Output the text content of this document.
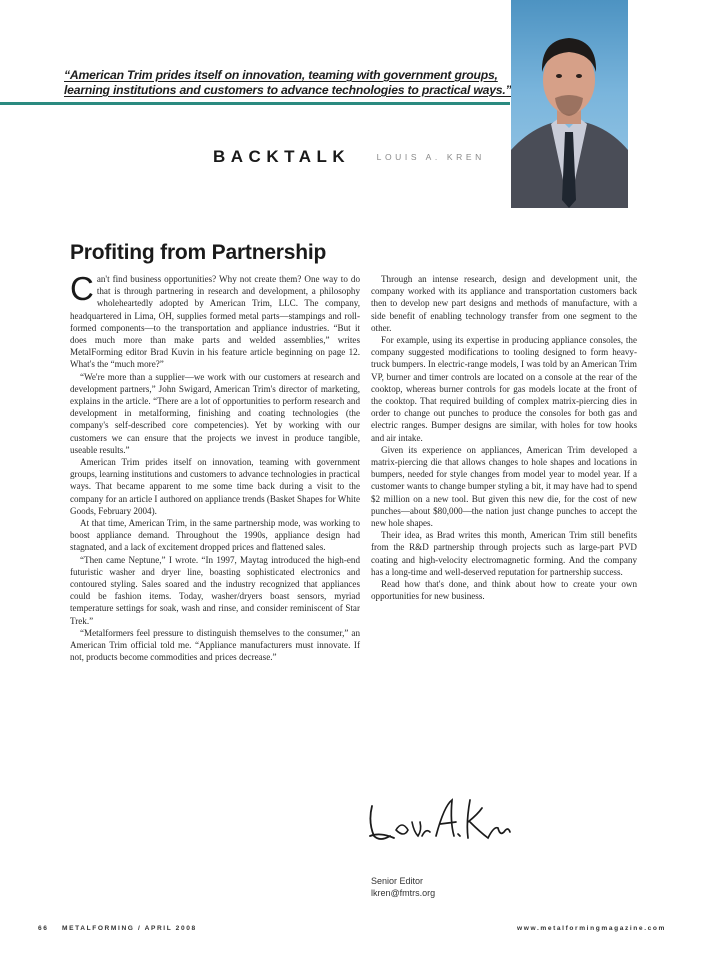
“American Trim prides itself on innovation, teaming with government groups,
learning institutions and customers to advance technologies to practical ways.”
BACKTALK	LOUIS A. KREN
Profiting from Partnership

Can't find business opportunities? Why not create them? One way to do that is through partnering in research and development, a philosophy wholeheartedly adopted by American Trim, LLC. The company, headquartered in Lima, OH, supplies formed metal parts—stampings and roll-formed components—to the transportation and appliance industries. “But it does much more than make parts and welded assemblies,” writes MetalForming editor Brad Kuvin in his feature article beginning on page 12. What's the “much more?”

“We're more than a supplier—we work with our customers at research and development partners,” John Swigard, American Trim's director of marketing, explains in the article. “There are a lot of opportunities to perform research and development in metalforming, finishing and coating technologies (the company's self-described core competencies). Yet by working with our customers we can ensure that the projects we invest in produce tangible, useable results.”

American Trim prides itself on innovation, teaming with government groups, learning institutions and customers to advance technologies in practical ways. That became apparent to me some time back during a visit to the company for an article I authored on appliance trends (Basket Shapes for White Goods, February 2004).

At that time, American Trim, in the same partnership mode, was working to boost appliance demand. Throughout the 1990s, appliance design had stagnated, and a lack of excitement dropped prices and flattened sales.

“Then came Neptune,” I wrote. “In 1997, Maytag introduced the high-end futuristic washer and dryer line, boasting sophisticated electronics and contoured styling. Sales soared and the industry recognized that appliances could be fashion items. Today, washer/dryers boast sensors, myriad temperature settings for soak, wash and rinse, and consider reminiscent of Star Trek.”

“Metalformers feel pressure to distinguish themselves to the consumer,” an American Trim official told me. “Appliance manufacturers must innovate. If not, products become commodities and prices decrease.”

Through an intense research, design and development unit, the company worked with its appliance and transportation customers back then to develop new part designs and methods of manufacture, with a side benefit of enabling technology transfer from one segment to the other.

For example, using its expertise in producing appliance consoles, the company suggested modifications to tooling designed to form heavy-truck bumpers. In electric-range models, I was told by an American Trim VP, burner and timer controls are located on a console at the rear of the cooktop, whereas burner controls for gas models locate at the front of the cooktop. That required building of complex matrix-piercing dies in order to change out punches to produce the consoles for both gas and electric ranges. Bumper designs are similar, with holes for tow hooks and air intake.

Given its experience on appliances, American Trim developed a matrix-piercing die that allows changes to hole shapes and locations in bumpers, needed for style changes from model year to model year. If a customer wants to change bumper styling a bit, it may have had to spend $2 million on a new tool. But given this new die, for the cost of new punches—about $80,000—the nation just change punches to accept the new hole shapes.

Their idea, as Brad writes this month, American Trim still benefits from the R&D partnership through projects such as large-part PVD coating and high-velocity electromagnetic forming. And the company has a long-time and well-deserved reputation for partnership success.

Read how that's done, and think about how to create your own opportunities for new business.

Senior Editor
lkren@fmtrs.org
66 METALFORMING / APRIL 2008	www.metalformingmagazine.com
